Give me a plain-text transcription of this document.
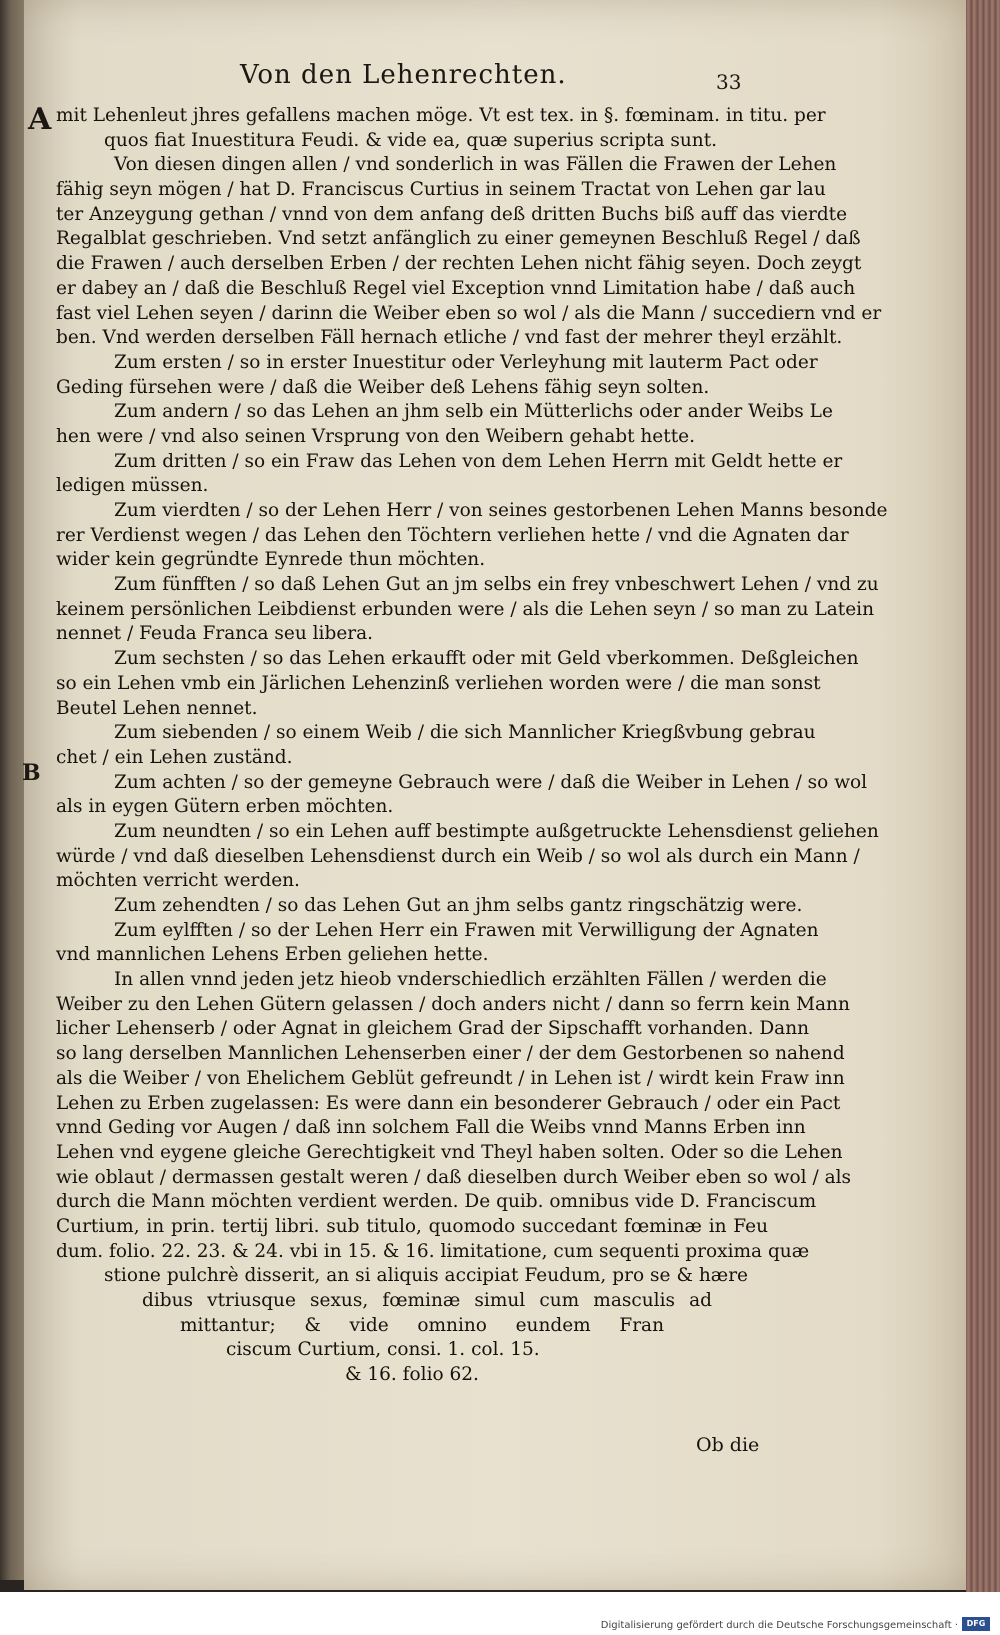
Von den Lehenrechten.	33
A
B
mit Lehenleut jhres gefallens machen möge. Vt est tex. in §. fœminam. in titu. per
quos fiat Inuestitura Feudi. & vide ea, quæ superius scripta sunt.
Von diesen dingen allen / vnd sonderlich in was Fällen die Frawen der Lehen
fähig seyn mögen / hat D. Franciscus Curtius in seinem Tractat von Lehen gar lau
ter Anzeygung gethan / vnnd von dem anfang deß dritten Buchs biß auff das vierdte
Regalblat geschrieben. Vnd setzt anfänglich zu einer gemeynen Beschluß Regel / daß
die Frawen / auch derselben Erben / der rechten Lehen nicht fähig seyen. Doch zeygt
er dabey an / daß die Beschluß Regel viel Exception vnnd Limitation habe / daß auch
fast viel Lehen seyen / darinn die Weiber eben so wol / als die Mann / succediern vnd er
ben. Vnd werden derselben Fäll hernach etliche / vnd fast der mehrer theyl erzählt.
Zum ersten / so in erster Inuestitur oder Verleyhung mit lauterm Pact oder
Geding fürsehen were / daß die Weiber deß Lehens fähig seyn solten.
Zum andern / so das Lehen an jhm selb ein Mütterlichs oder ander Weibs Le
hen were / vnd also seinen Vrsprung von den Weibern gehabt hette.
Zum dritten / so ein Fraw das Lehen von dem Lehen Herrn mit Geldt hette er
ledigen müssen.
Zum vierdten / so der Lehen Herr / von seines gestorbenen Lehen Manns besonde
rer Verdienst wegen / das Lehen den Töchtern verliehen hette / vnd die Agnaten dar
wider kein gegründte Eynrede thun möchten.
Zum fünfften / so daß Lehen Gut an jm selbs ein frey vnbeschwert Lehen / vnd zu
keinem persönlichen Leibdienst erbunden were / als die Lehen seyn / so man zu Latein
nennet / Feuda Franca seu libera.
Zum sechsten / so das Lehen erkaufft oder mit Geld vberkommen. Deßgleichen
so ein Lehen vmb ein Järlichen Lehenzinß verliehen worden were / die man sonst
Beutel Lehen nennet.
Zum siebenden / so einem Weib / die sich Mannlicher Kriegßvbung gebrau
chet / ein Lehen zuständ.
Zum achten / so der gemeyne Gebrauch were / daß die Weiber in Lehen / so wol
als in eygen Gütern erben möchten.
Zum neundten / so ein Lehen auff bestimpte außgetruckte Lehensdienst geliehen
würde / vnd daß dieselben Lehensdienst durch ein Weib / so wol als durch ein Mann /
möchten verricht werden.
Zum zehendten / so das Lehen Gut an jhm selbs gantz ringschätzig were.
Zum eylfften / so der Lehen Herr ein Frawen mit Verwilligung der Agnaten
vnd mannlichen Lehens Erben geliehen hette.
In allen vnnd jeden jetz hieob vnderschiedlich erzählten Fällen / werden die
Weiber zu den Lehen Gütern gelassen / doch anders nicht / dann so ferrn kein Mann
licher Lehenserb / oder Agnat in gleichem Grad der Sipschafft vorhanden. Dann
so lang derselben Mannlichen Lehenserben einer / der dem Gestorbenen so nahend
als die Weiber / von Ehelichem Geblüt gefreundt / in Lehen ist / wirdt kein Fraw inn
Lehen zu Erben zugelassen: Es were dann ein besonderer Gebrauch / oder ein Pact
vnnd Geding vor Augen / daß inn solchem Fall die Weibs vnnd Manns Erben inn
Lehen vnd eygene gleiche Gerechtigkeit vnd Theyl haben solten. Oder so die Lehen
wie oblaut / dermassen gestalt weren / daß dieselben durch Weiber eben so wol / als
durch die Mann möchten verdient werden. De quib. omnibus vide D. Franciscum
Curtium, in prin. tertij libri. sub titulo, quomodo succedant fœminæ in Feu
dum. folio. 22. 23. & 24. vbi in 15. & 16. limitatione, cum sequenti proxima quæ
stione pulchrè disserit, an si aliquis accipiat Feudum, pro se & hære
dibus vtriusque sexus, fœminæ simul cum masculis ad
mittantur; & vide omnino eundem Fran
ciscum Curtium, consi. 1. col. 15.
& 16. folio 62.
Ob die
Digitalisierung gefördert durch die Deutsche Forschungsgemeinschaft ·	DFG
